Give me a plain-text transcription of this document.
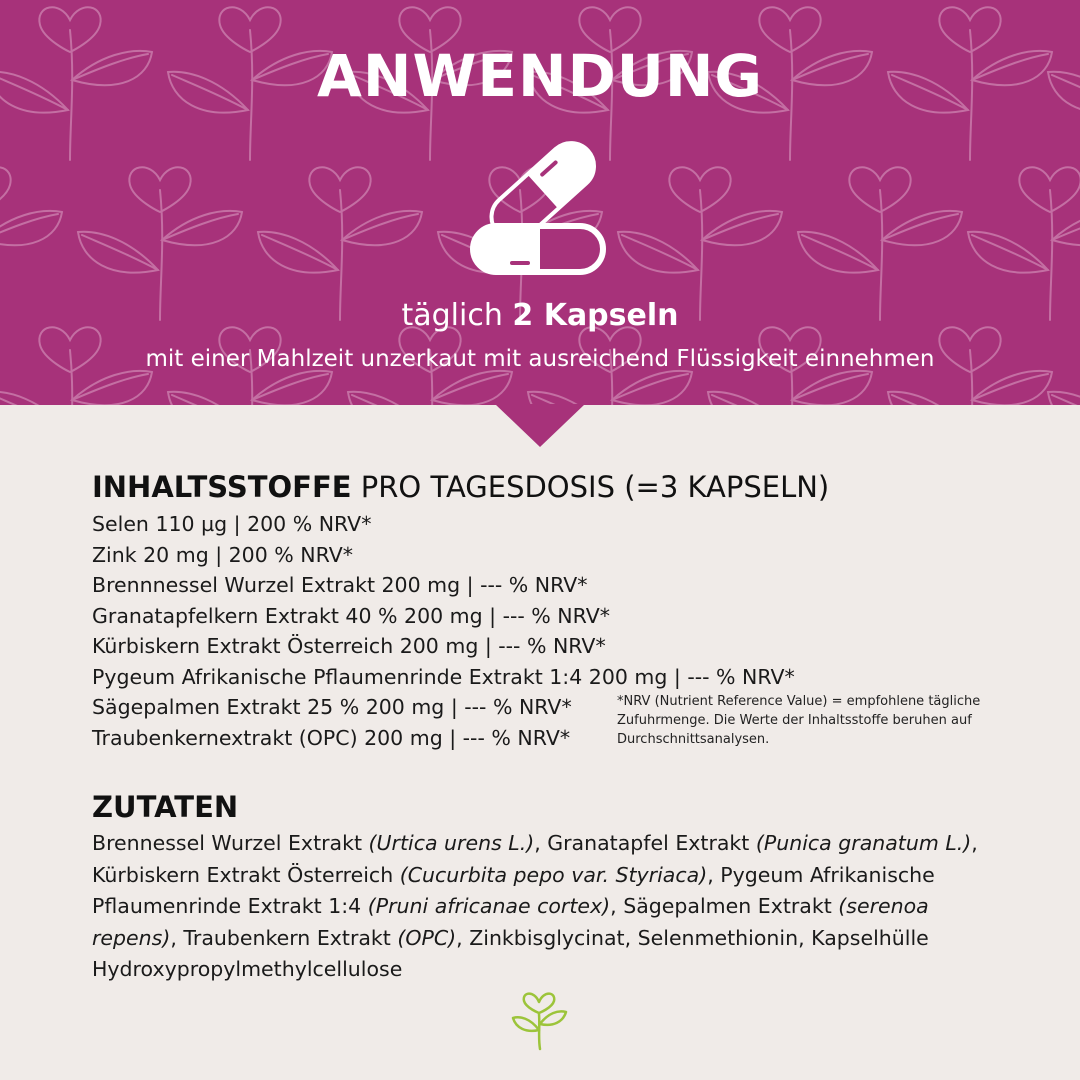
ANWENDUNG
täglich 2 Kapseln
mit einer Mahlzeit unzerkaut mit ausreichend Flüssigkeit einnehmen
INHALTSSTOFFE PRO TAGESDOSIS (=3 KAPSELN)
Selen 110 µg | 200 % NRV*
Zink 20 mg | 200 % NRV*
Brennnessel Wurzel Extrakt 200 mg | --- % NRV*
Granatapfelkern Extrakt 40 % 200 mg | --- % NRV*
Kürbiskern Extrakt Österreich 200 mg | --- % NRV*
Pygeum Afrikanische Pflaumenrinde Extrakt 1:4 200 mg | --- % NRV*
Sägepalmen Extrakt 25 % 200 mg | --- % NRV*
Traubenkernextrakt (OPC) 200 mg | --- % NRV*
*NRV (Nutrient Reference Value) = empfohlene tägliche Zufuhrmenge. Die Werte der Inhaltsstoffe beruhen auf Durchschnittsanalysen.
ZUTATEN
Brennessel Wurzel Extrakt (Urtica urens L.), Granatapfel Extrakt (Punica granatum L.), Kürbiskern Extrakt Österreich (Cucurbita pepo var. Styriaca), Pygeum Afrikanische Pflaumenrinde Extrakt 1:4 (Pruni africanae cortex), Sägepalmen Extrakt (serenoa repens), Traubenkern Extrakt (OPC), Zinkbisglycinat, Selenmethionin, Kapselhülle Hydroxypropylmethylcellulose
